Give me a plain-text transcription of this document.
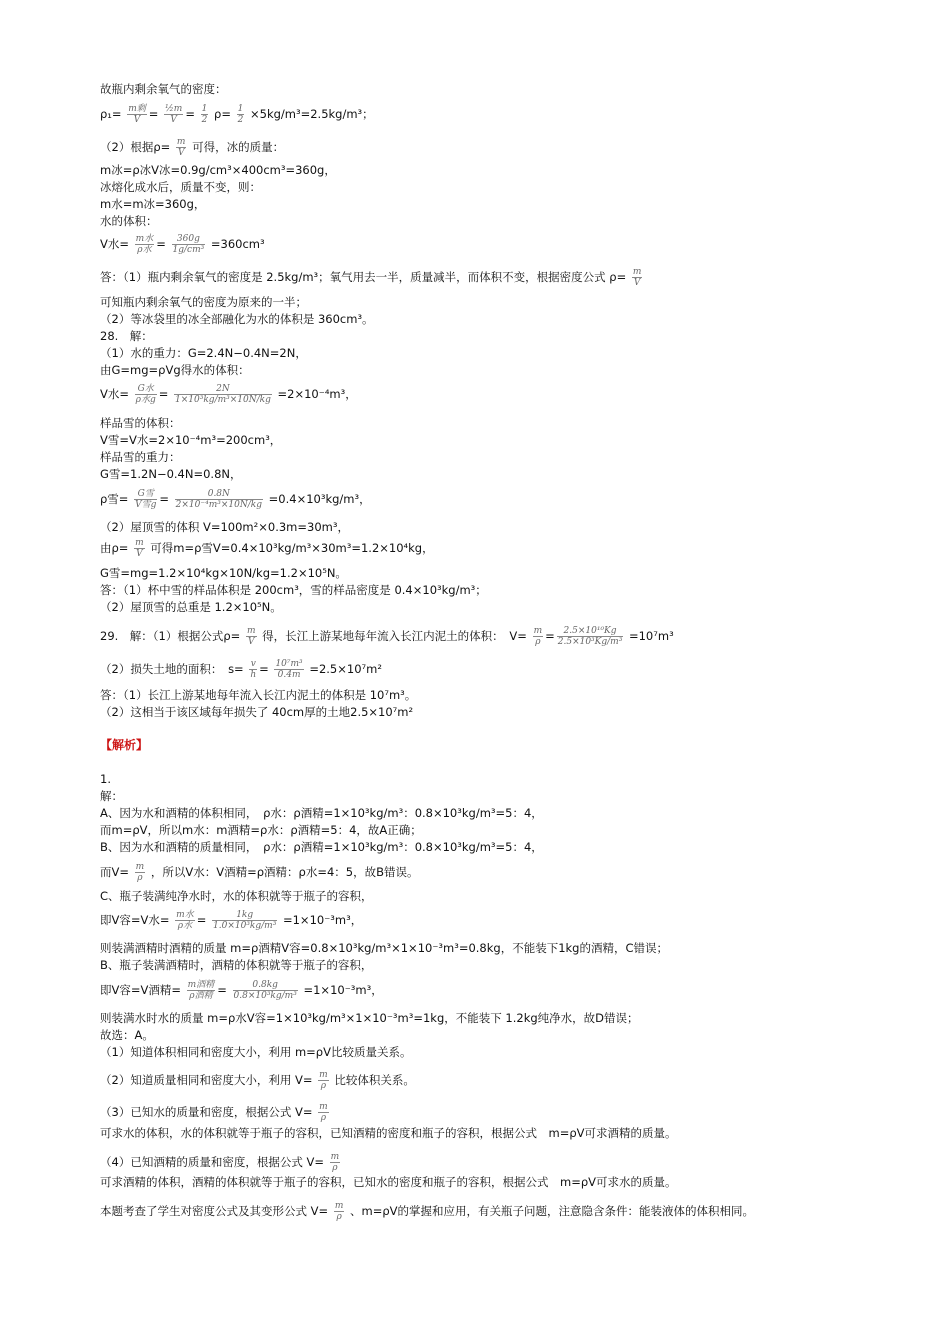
故瓶内剩余氧气的密度：
$\rho_1= \frac{\text{m剩}}{V} = \frac{\text{½m}}{V} = \frac{1}{2} \rho= \frac{1}{2} \times 5kg/m^3=2.5kg/m^3$；
（2）根据$\rho= \frac{m}{V}$ 可得，冰的质量：
m冰=ρ冰V冰=0.9g/cm³×400cm³=360g，
冰熔化成水后，质量不变，则：
m水=m冰=360g，
水的体积：
V水= $\frac{\text{m水}}{\text{ρ水}} = \frac{360g}{\text{1g/cm³}} =360cm^3$
答：（1）瓶内剩余氧气的密度是 2.5kg/m³；氧气用去一半，质量减半，而体积不变，根据密度公式 $\rho= \frac{m}{V}$
可知瓶内剩余氧气的密度为原来的一半；
（2）等冰袋里的冰全部融化为水的体积是 360cm³。
28.　解：
（1）水的重力：G=2.4N−0.4N=2N，
由G=mg=ρVg得水的体积：
V水= $\frac{\text{G水}}{\text{ρ水g}} = \frac{2N}{\text{1×10³kg/m³×10N/kg}} =2\times 10^{-4}m^3$，
样品雪的体积：
V雪=V水=2×10⁻⁴m³=200cm³，
样品雪的重力：
G雪=1.2N−0.4N=0.8N，
ρ雪= $\frac{\text{G雪}}{\text{V雪g}} = \frac{0.8N}{\text{2×10⁻⁴m³×10N/kg}} =0.4\times 10^3kg/m^3$，
（2）屋顶雪的体积 V=100m²×0.3m=30m³，
由$\rho= \frac{m}{V}$ 可得m=ρ雪V=0.4×10³kg/m³×30m³=1.2×10⁴kg，
G雪=mg=1.2×10⁴kg×10N/kg=1.2×10⁵N。
答：（1）杯中雪的样品体积是 200cm³，雪的样品密度是 0.4×10³kg/m³；
（2）屋顶雪的总重是 1.2×10⁵N。
29.　解：（1）根据公式$\rho= \frac{m}{V}$ 得，长江上游某地每年流入长江内泥土的体积：　$V= \frac{m}{\rho} = \frac{\text{2.5×10¹⁰Kg}}{\text{2.5×10³Kg/m³}} =10^7m^3$
（2）损失土地的面积：　$s= \frac{v}{h} = \frac{\text{10⁷m³}}{0.4m} =2.5\times 10^7m^2$
答：（1）长江上游某地每年流入长江内泥土的体积是 10⁷m³。
（2）这相当于该区域每年损失了 40cm厚的土地2.5×10⁷m²
【解析】
1.
解：
A、因为水和酒精的体积相同，　ρ水：ρ酒精=1×10³kg/m³：0.8×10³kg/m³=5：4，
而m=ρV，所以m水：m酒精=ρ水：ρ酒精=5：4，故A正确；
B、因为水和酒精的质量相同，　ρ水：ρ酒精=1×10³kg/m³：0.8×10³kg/m³=5：4，
而$V= \frac{m}{\rho}$ ，所以V水：V酒精=ρ酒精：ρ水=4：5，故B错误。
C、瓶子装满纯净水时，水的体积就等于瓶子的容积，
即V容=V水= $\frac{\text{m水}}{\text{ρ水}} = \frac{1kg}{\text{1.0×10³kg/m³}} =1\times 10^{-3}m^3$，
则装满酒精时酒精的质量 m=ρ酒精V容=0.8×10³kg/m³×1×10⁻³m³=0.8kg，不能装下1kg的酒精，C错误；
B、瓶子装满酒精时，酒精的体积就等于瓶子的容积，
即V容=V酒精= $\frac{\text{m酒精}}{\text{ρ酒精}} = \frac{0.8kg}{\text{0.8×10³kg/m³}} =1\times 10^{-3}m^3$，
则装满水时水的质量 m=ρ水V容=1×10³kg/m³×1×10⁻³m³=1kg，不能装下 1.2kg纯净水，故D错误；
故选：A。
（1）知道体积相同和密度大小，利用 m=ρV比较质量关系。
（2）知道质量相同和密度大小，利用 $V= \frac{m}{\rho}$ 比较体积关系。
（3）已知水的质量和密度，根据公式 $V= \frac{m}{\rho}$
可求水的体积，水的体积就等于瓶子的容积，已知酒精的密度和瓶子的容积，根据公式　m=ρV可求酒精的质量。
（4）已知酒精的质量和密度，根据公式 $V= \frac{m}{\rho}$
可求酒精的体积，酒精的体积就等于瓶子的容积，已知水的密度和瓶子的容积，根据公式　m=ρV可求水的质量。
本题考查了学生对密度公式及其变形公式 $V= \frac{m}{\rho}$ 、m=ρV的掌握和应用，有关瓶子问题，注意隐含条件：能装液体的体积相同。
